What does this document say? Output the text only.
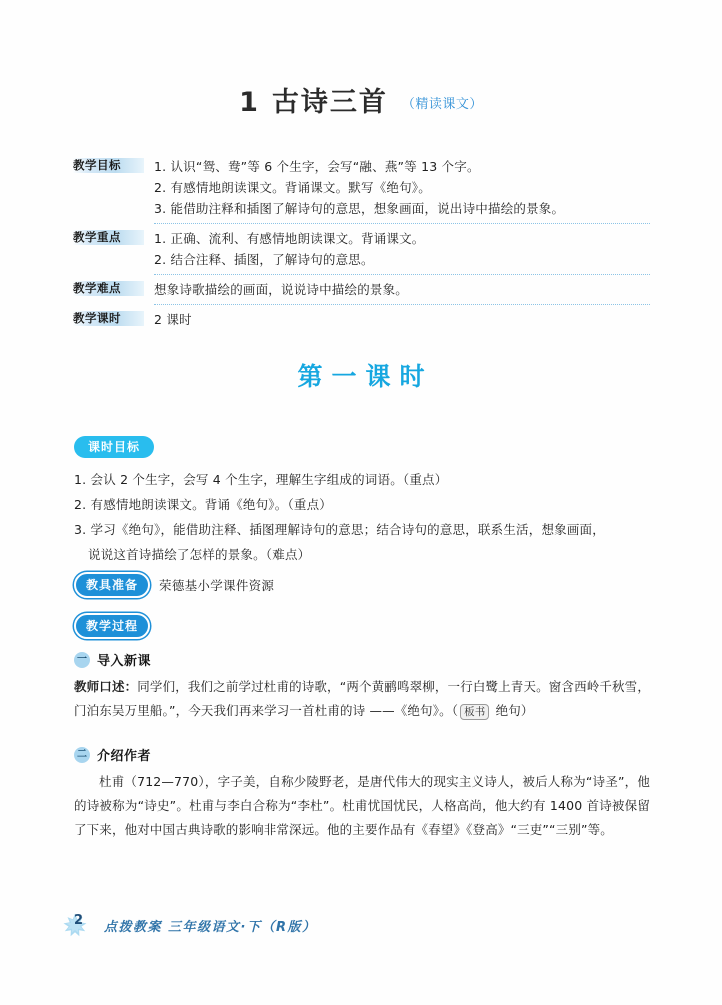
1 古诗三首 （精读课文）
教学目标	1. 认识“鸳、鸯”等 6 个生字，会写“融、燕”等 13 个字。
2. 有感情地朗读课文。背诵课文。默写《绝句》。
3. 能借助注释和插图了解诗句的意思，想象画面，说出诗中描绘的景象。
教学重点	1. 正确、流利、有感情地朗读课文。背诵课文。
2. 结合注释、插图，了解诗句的意思。
教学难点	想象诗歌描绘的画面，说说诗中描绘的景象。
教学课时	2 课时
第一课时
课时目标
1. 会认 2 个生字，会写 4 个生字，理解生字组成的词语。（重点）
2. 有感情地朗读课文。背诵《绝句》。（重点）
3. 学习《绝句》，能借助注释、插图理解诗句的意思；结合诗句的意思，联系生活，想象画面，
说说这首诗描绘了怎样的景象。（难点）
教具准备	荣德基小学课件资源
教学过程
一 导入新课
教师口述：同学们，我们之前学过杜甫的诗歌，“两个黄鹂鸣翠柳，一行白鹭上青天。窗含西岭千秋雪，门泊东吴万里船。”，今天我们再来学习一首杜甫的诗 ——《绝句》。（ 板书 绝句）
二 介绍作者
杜甫（712—770），字子美，自称少陵野老，是唐代伟大的现实主义诗人，被后人称为“诗圣”，他的诗被称为“诗史”。杜甫与李白合称为“李杜”。杜甫忧国忧民，人格高尚，他大约有 1400 首诗被保留了下来，他对中国古典诗歌的影响非常深远。他的主要作品有《春望》《登高》“三吏”“三别”等。
2 点拨教案 三年级语文·下（R版）
